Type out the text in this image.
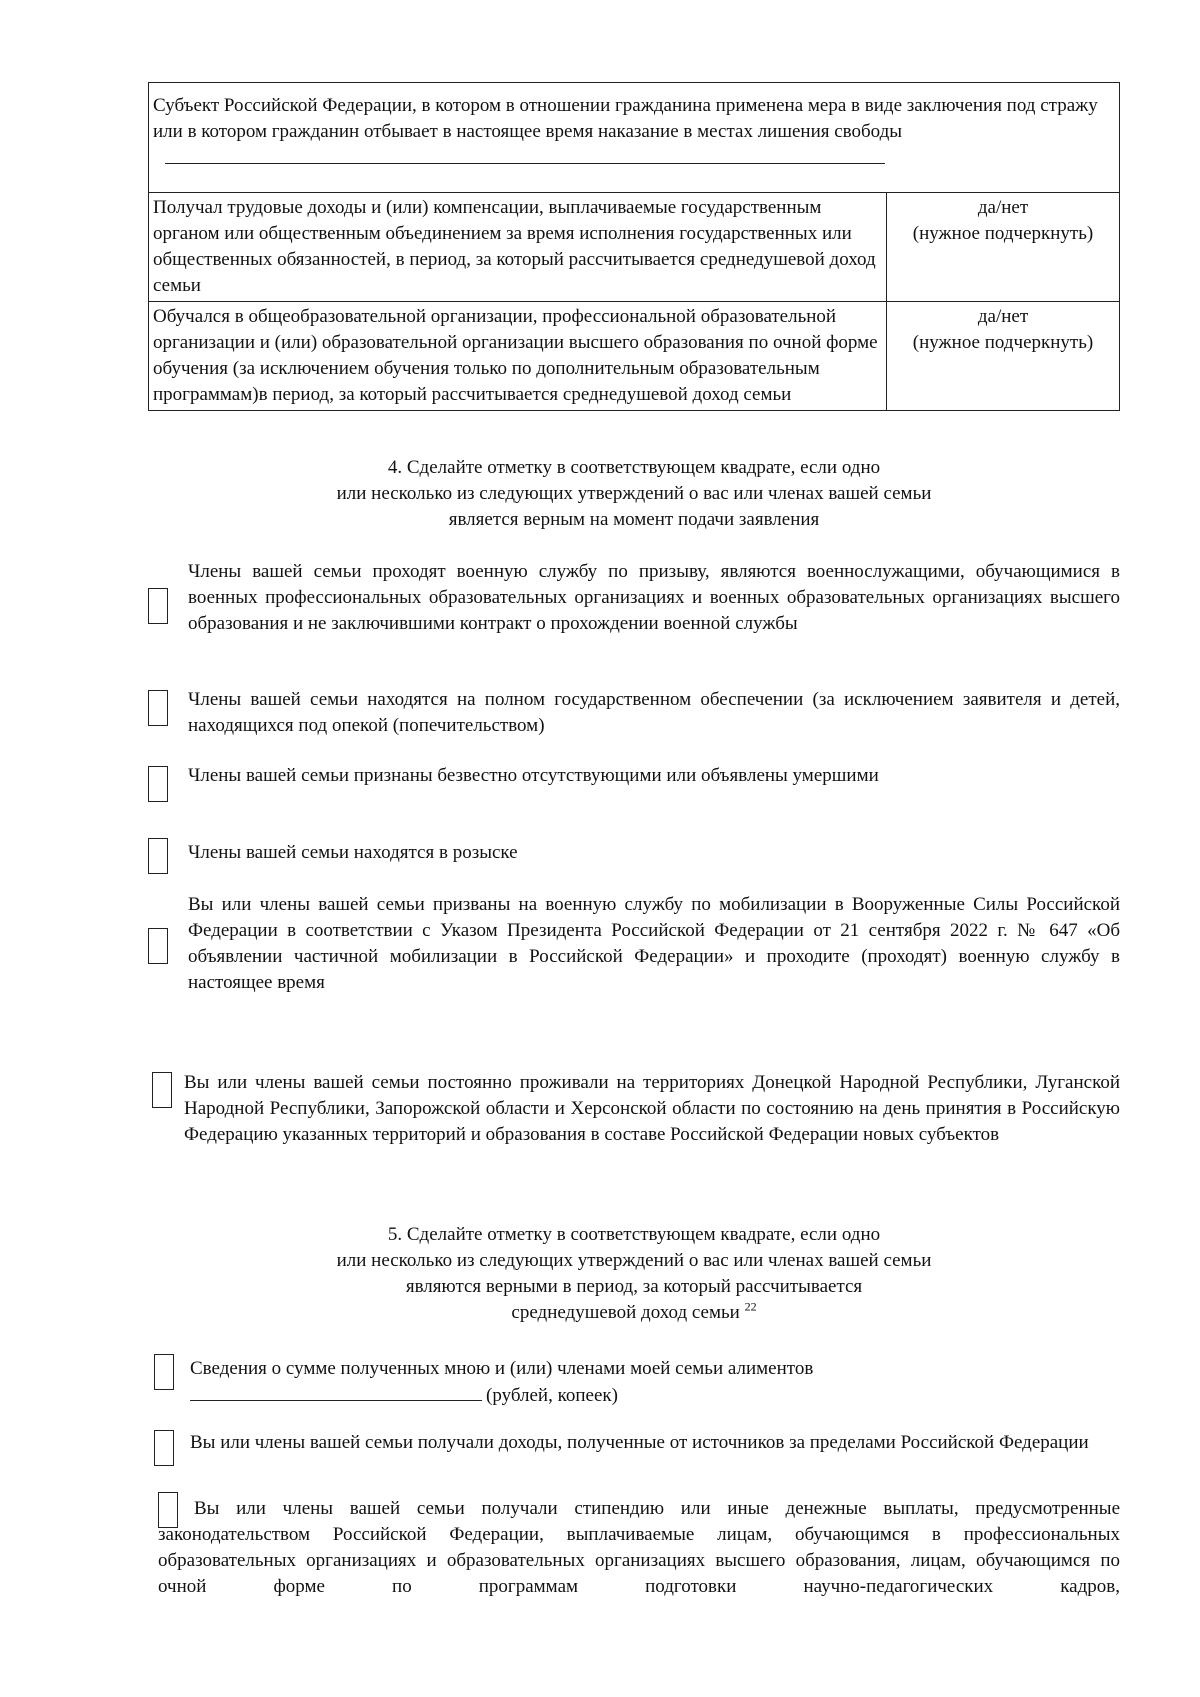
Субъект Российской Федерации, в котором в отношении гражданина применена мера в виде заключения под стражу или в котором гражданин отбывает в настоящее время наказание в местах лишения свободы
Получал трудовые доходы и (или) компенсации, выплачиваемые государственным органом или общественным объединением за время исполнения государственных или общественных обязанностей, в период, за который рассчитывается среднедушевой доход семьи
да/нет
(нужное подчеркнуть)
Обучался в общеобразовательной организации, профессиональной образовательной организации и (или) образовательной организации высшего образования по очной форме обучения (за исключением обучения только по дополнительным образовательным программам)в период, за который рассчитывается среднедушевой доход семьи
да/нет
(нужное подчеркнуть)
4. Сделайте отметку в соответствующем квадрате, если одно
или несколько из следующих утверждений о вас или членах вашей семьи
является верным на момент подачи заявления
Члены вашей семьи проходят военную службу по призыву, являются военнослужащими, обучающимися в военных профессиональных образовательных организациях и военных образовательных организациях высшего образования и не заключившими контракт о прохождении военной службы
Члены вашей семьи находятся на полном государственном обеспечении (за исключением заявителя и детей, находящихся под опекой (попечительством)
Члены вашей семьи признаны безвестно отсутствующими или объявлены умершими
Члены вашей семьи находятся в розыске
Вы или члены вашей семьи призваны на военную службу по мобилизации в Вооруженные Силы Российской Федерации в соответствии с Указом Президента Российской Федерации от 21 сентября 2022 г. № 647 «Об объявлении частичной мобилизации в Российской Федерации» и проходите (проходят) военную службу в настоящее время
Вы или члены вашей семьи постоянно проживали на территориях Донецкой Народной Республики, Луганской Народной Республики, Запорожской области и Херсонской области по состоянию на день принятия в Российскую Федерацию указанных территорий и образования в составе Российской Федерации новых субъектов
5. Сделайте отметку в соответствующем квадрате, если одно
или несколько из следующих утверждений о вас или членах вашей семьи
являются верными в период, за который рассчитывается
среднедушевой доход семьи $^{22}$
Сведения о сумме полученных мною и (или) членами моей семьи алиментов
(рублей, копеек)
Вы или члены вашей семьи получали доходы, полученные от источников за пределами Российской Федерации
Вы или члены вашей семьи получали стипендию или иные денежные выплаты, предусмотренные законодательством Российской Федерации, выплачиваемые лицам, обучающимся в профессиональных образовательных организациях и образовательных организациях высшего образования, лицам, обучающимся по очной форме по программам подготовки научно-педагогических кадров,
